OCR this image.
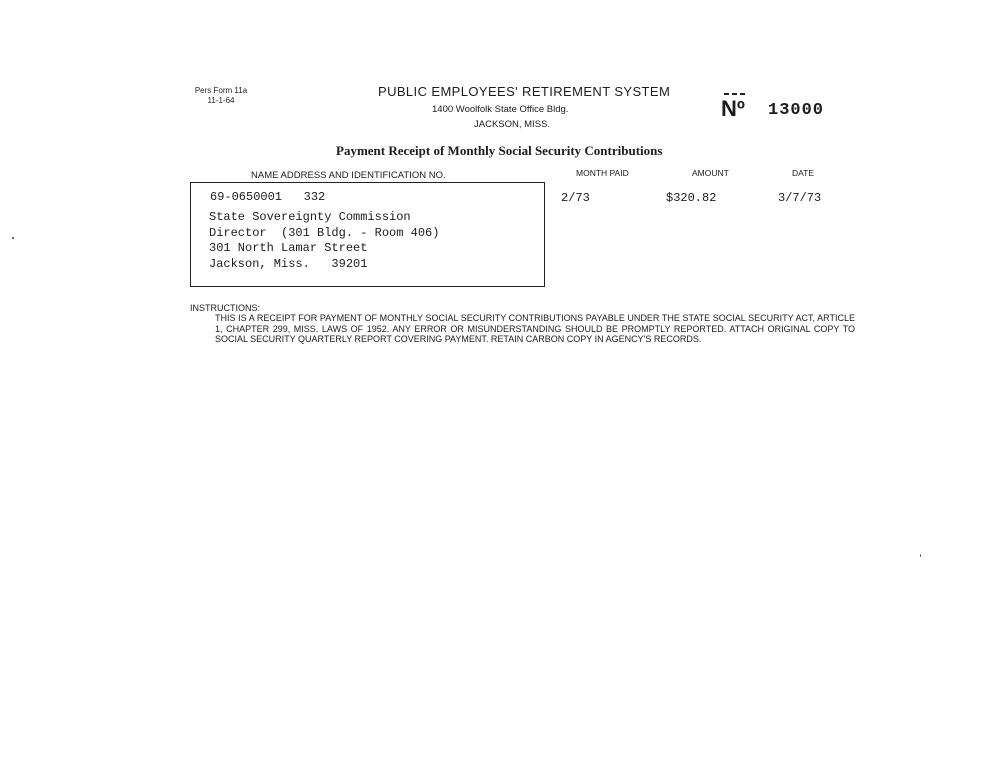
Pers Form 11a
11-1-64
PUBLIC EMPLOYEES' RETIREMENT SYSTEM
1400 Woolfolk State Office Bldg.
JACKSON, MISS.
Nº 13000
Payment Receipt of Monthly Social Security Contributions
NAME ADDRESS AND IDENTIFICATION NO.	MONTH PAID	AMOUNT	DATE
69-0650001   332
State Sovereignty Commission
Director  (301 Bldg. - Room 406)
301 North Lamar Street
Jackson, Miss.   39201
2/73	$320.82	3/7/73
INSTRUCTIONS:
THIS IS A RECEIPT FOR PAYMENT OF MONTHLY SOCIAL SECURITY CONTRIBUTIONS PAYABLE UNDER THE STATE SOCIAL SECURITY ACT, ARTICLE 1, CHAPTER 299, MISS. LAWS OF 1952. ANY ERROR OR MISUNDERSTANDING SHOULD BE PROMPTLY REPORTED. ATTACH ORIGINAL COPY TO SOCIAL SECURITY QUARTERLY REPORT COVERING PAYMENT. RETAIN CARBON COPY IN AGENCY'S RECORDS.
